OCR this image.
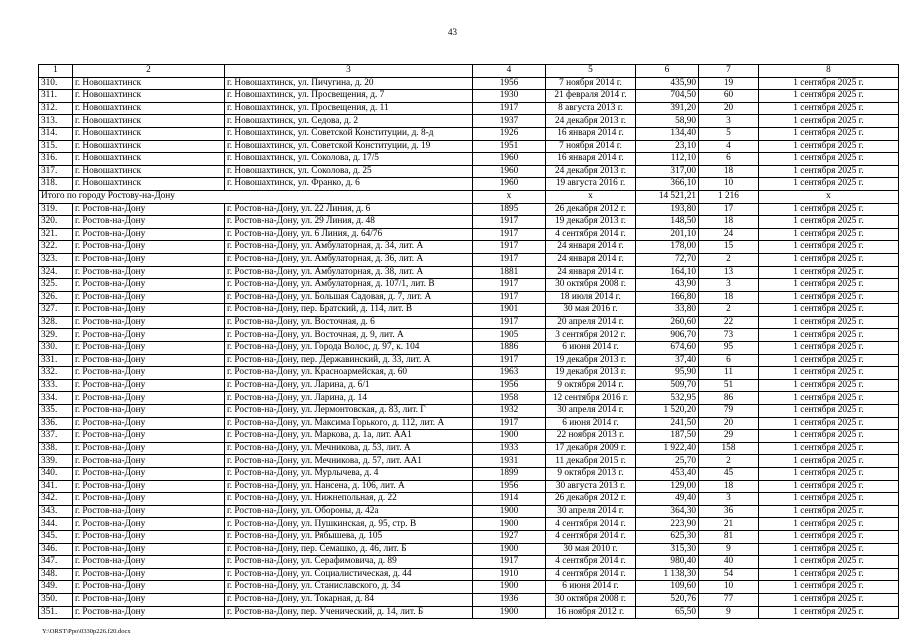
43
1	2	3	4	5	6	7	8
310.	г. Новошахтинск	г. Новошахтинск, ул. Пичугина, д. 20	1956	7 ноября 2014 г.	435,90	19	1 сентября 2025 г.
311.	г. Новошахтинск	г. Новошахтинск, ул. Просвещения, д. 7	1930	21 февраля 2014 г.	704,50	60	1 сентября 2025 г.
312.	г. Новошахтинск	г. Новошахтинск, ул. Просвещения, д. 11	1917	8 августа 2013 г.	391,20	20	1 сентября 2025 г.
313.	г. Новошахтинск	г. Новошахтинск, ул. Седова, д. 2	1937	24 декабря 2013 г.	58,90	3	1 сентября 2025 г.
314.	г. Новошахтинск	г. Новошахтинск, ул. Советской Конституции, д. 8-д	1926	16 января 2014 г.	134,40	5	1 сентября 2025 г.
315.	г. Новошахтинск	г. Новошахтинск, ул. Советской Конституции, д. 19	1951	7 ноября 2014 г.	23,10	4	1 сентября 2025 г.
316.	г. Новошахтинск	г. Новошахтинск, ул. Соколова, д. 17/5	1960	16 января 2014 г.	112,10	6	1 сентября 2025 г.
317.	г. Новошахтинск	г. Новошахтинск, ул. Соколова, д. 25	1960	24 декабря 2013 г.	317,00	18	1 сентября 2025 г.
318.	г. Новошахтинск	г. Новошахтинск, ул. Франко, д. 6	1960	19 августа 2016 г.	366,10	10	1 сентября 2025 г.
Итого по городу Ростову-на-Дону			х	х	14 521,21	1 216	х
319.	г. Ростов-на-Дону	г. Ростов-на-Дону, ул. 22 Линия, д. 6	1895	26 декабря 2012 г.	193,80	17	1 сентября 2025 г.
320.	г. Ростов-на-Дону	г. Ростов-на-Дону, ул. 29 Линия, д. 48	1917	19 декабря 2013 г.	148,50	18	1 сентября 2025 г.
321.	г. Ростов-на-Дону	г. Ростов-на-Дону, ул. 6 Линия, д. 64/76	1917	4 сентября 2014 г.	201,10	24	1 сентября 2025 г.
322.	г. Ростов-на-Дону	г. Ростов-на-Дону, ул. Амбулаторная, д. 34, лит. А	1917	24 января 2014 г.	178,00	15	1 сентября 2025 г.
323.	г. Ростов-на-Дону	г. Ростов-на-Дону, ул. Амбулаторная, д. 36, лит. А	1917	24 января 2014 г.	72,70	2	1 сентября 2025 г.
324.	г. Ростов-на-Дону	г. Ростов-на-Дону, ул. Амбулаторная, д. 38, лит. А	1881	24 января 2014 г.	164,10	13	1 сентября 2025 г.
325.	г. Ростов-на-Дону	г. Ростов-на-Дону, ул. Амбулаторная, д. 107/1, лит. В	1917	30 октября 2008 г.	43,90	3	1 сентября 2025 г.
326.	г. Ростов-на-Дону	г. Ростов-на-Дону, ул. Большая Садовая, д. 7, лит. А	1917	18 июля 2014 г.	166,80	18	1 сентября 2025 г.
327.	г. Ростов-на-Дону	г. Ростов-на-Дону, пер. Братский, д. 114, лит. В	1901	30 мая 2016 г.	33,80	2	1 сентября 2025 г.
328.	г. Ростов-на-Дону	г. Ростов-на-Дону, ул. Восточная, д. 6	1917	20 апреля 2014 г.	260,60	22	1 сентября 2025 г.
329.	г. Ростов-на-Дону	г. Ростов-на-Дону, ул. Восточная, д. 9, лит. А	1905	3 сентября 2012 г.	906,70	73	1 сентября 2025 г.
330.	г. Ростов-на-Дону	г. Ростов-на-Дону, ул. Города Волос, д. 97, к. 104	1886	6 июня 2014 г.	674,60	95	1 сентября 2025 г.
331.	г. Ростов-на-Дону	г. Ростов-на-Дону, пер. Державинский, д. 33, лит. А	1917	19 декабря 2013 г.	37,40	6	1 сентября 2025 г.
332.	г. Ростов-на-Дону	г. Ростов-на-Дону, ул. Красноармейская, д. 60	1963	19 декабря 2013 г.	95,90	11	1 сентября 2025 г.
333.	г. Ростов-на-Дону	г. Ростов-на-Дону, ул. Ларина, д. 6/1	1956	9 октября 2014 г.	509,70	51	1 сентября 2025 г.
334.	г. Ростов-на-Дону	г. Ростов-на-Дону, ул. Ларина, д. 14	1958	12 сентября 2016 г.	532,95	86	1 сентября 2025 г.
335.	г. Ростов-на-Дону	г. Ростов-на-Дону, ул. Лермонтовская, д. 83, лит. Г	1932	30 апреля 2014 г.	1 520,20	79	1 сентября 2025 г.
336.	г. Ростов-на-Дону	г. Ростов-на-Дону, ул. Максима Горького, д. 112, лит. А	1917	6 июня 2014 г.	241,50	20	1 сентября 2025 г.
337.	г. Ростов-на-Дону	г. Ростов-на-Дону, ул. Маркова, д. 1а, лит. АА1	1900	22 ноября 2013 г.	187,50	29	1 сентября 2025 г.
338.	г. Ростов-на-Дону	г. Ростов-на-Дону, ул. Мечникова, д. 53, лит. А	1933	17 декабря 2009 г.	1 922,40	158	1 сентября 2025 г.
339.	г. Ростов-на-Дону	г. Ростов-на-Дону, ул. Мечникова, д. 57, лит. АА1	1931	11 декабря 2015 г.	25,70	2	1 сентября 2025 г.
340.	г. Ростов-на-Дону	г. Ростов-на-Дону, ул. Мурлычева, д. 4	1899	9 октября 2013 г.	453,40	45	1 сентября 2025 г.
341.	г. Ростов-на-Дону	г. Ростов-на-Дону, ул. Нансена, д. 106, лит. А	1956	30 августа 2013 г.	129,00	18	1 сентября 2025 г.
342.	г. Ростов-на-Дону	г. Ростов-на-Дону, ул. Нижнепольная, д. 22	1914	26 декабря 2012 г.	49,40	3	1 сентября 2025 г.
343.	г. Ростов-на-Дону	г. Ростов-на-Дону, ул. Обороны, д. 42а	1900	30 апреля 2014 г.	364,30	36	1 сентября 2025 г.
344.	г. Ростов-на-Дону	г. Ростов-на-Дону, ул. Пушкинская, д. 95, стр. В	1900	4 сентября 2014 г.	223,90	21	1 сентября 2025 г.
345.	г. Ростов-на-Дону	г. Ростов-на-Дону, ул. Рябышева, д. 105	1927	4 сентября 2014 г.	625,30	81	1 сентября 2025 г.
346.	г. Ростов-на-Дону	г. Ростов-на-Дону, пер. Семашко, д. 46, лит. Б	1900	30 мая 2010 г.	315,30	9	1 сентября 2025 г.
347.	г. Ростов-на-Дону	г. Ростов-на-Дону, ул. Серафимовича, д. 89	1917	4 сентября 2014 г.	980,40	40	1 сентября 2025 г.
348.	г. Ростов-на-Дону	г. Ростов-на-Дону, ул. Социалистическая, д. 44	1910	4 сентября 2014 г.	1 138,30	54	1 сентября 2025 г.
349.	г. Ростов-на-Дону	г. Ростов-на-Дону, ул. Станиславского, д. 34	1900	6 июня 2014 г.	109,60	10	1 сентября 2025 г.
350.	г. Ростов-на-Дону	г. Ростов-на-Дону, ул. Токарная, д. 84	1936	30 октября 2008 г.	520,76	77	1 сентября 2025 г.
351.	г. Ростов-на-Дону	г. Ростов-на-Дону, пер. Ученический, д. 14, лит. Б	1900	16 ноября 2012 г.	65,50	9	1 сентября 2025 г.
Y:\ORST\Ppo\0330p226.f20.docx
